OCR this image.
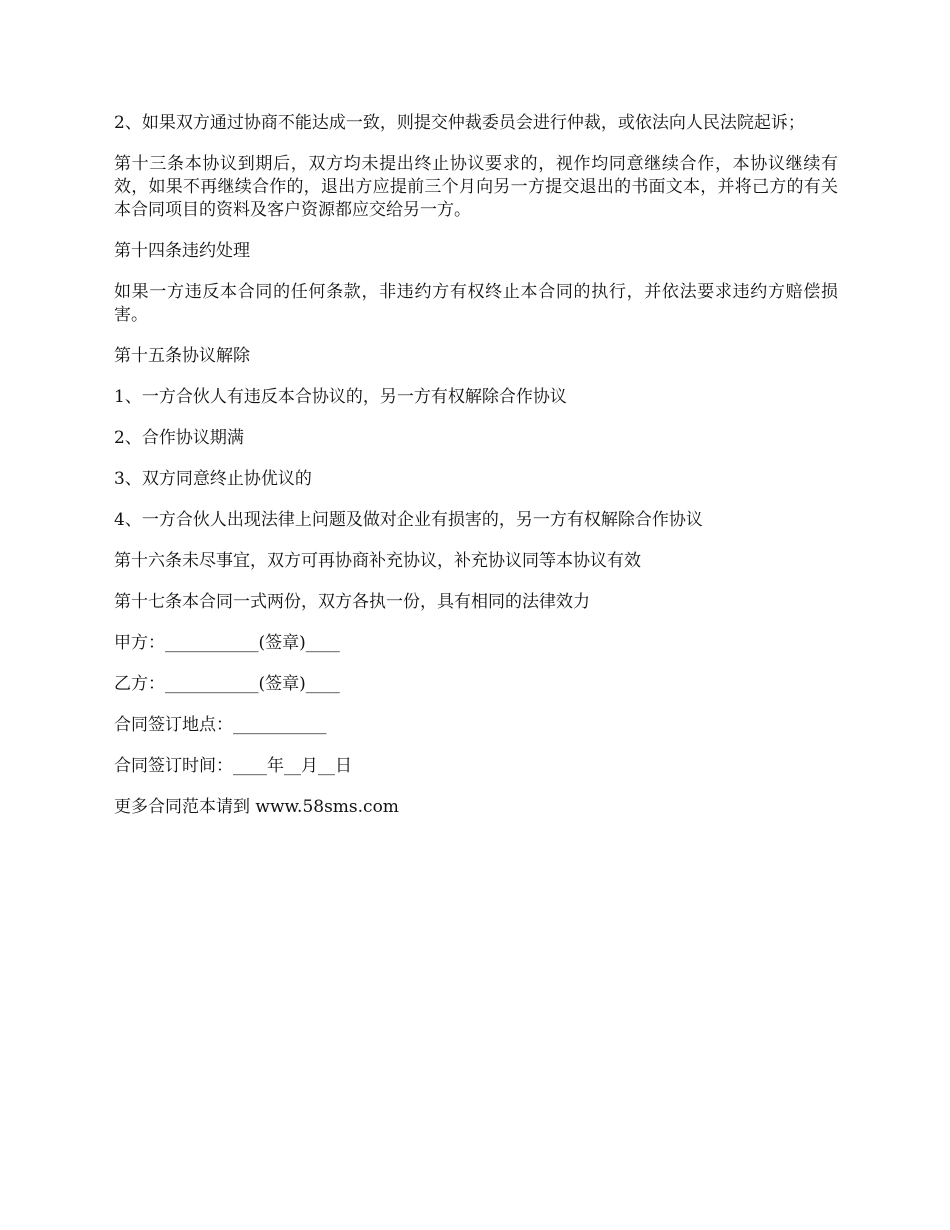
2、如果双方通过协商不能达成一致，则提交仲裁委员会进行仲裁，或依法向人民法院起诉；

第十三条本协议到期后，双方均未提出终止协议要求的，视作均同意继续合作，本协议继续有效，如果不再继续合作的，退出方应提前三个月向另一方提交退出的书面文本，并将己方的有关本合同项目的资料及客户资源都应交给另一方。

第十四条违约处理

如果一方违反本合同的任何条款，非违约方有权终止本合同的执行，并依法要求违约方赔偿损害。

第十五条协议解除

1、一方合伙人有违反本合协议的，另一方有权解除合作协议

2、合作协议期满

3、双方同意终止协优议的

4、一方合伙人出现法律上问题及做对企业有损害的，另一方有权解除合作协议

第十六条未尽事宜，双方可再协商补充协议，补充协议同等本协议有效

第十七条本合同一式两份，双方各执一份，具有相同的法律效力

甲方：___________(签章)____

乙方：___________(签章)____

合同签订地点：___________

合同签订时间：____年__月__日

更多合同范本请到 www.58sms.com
